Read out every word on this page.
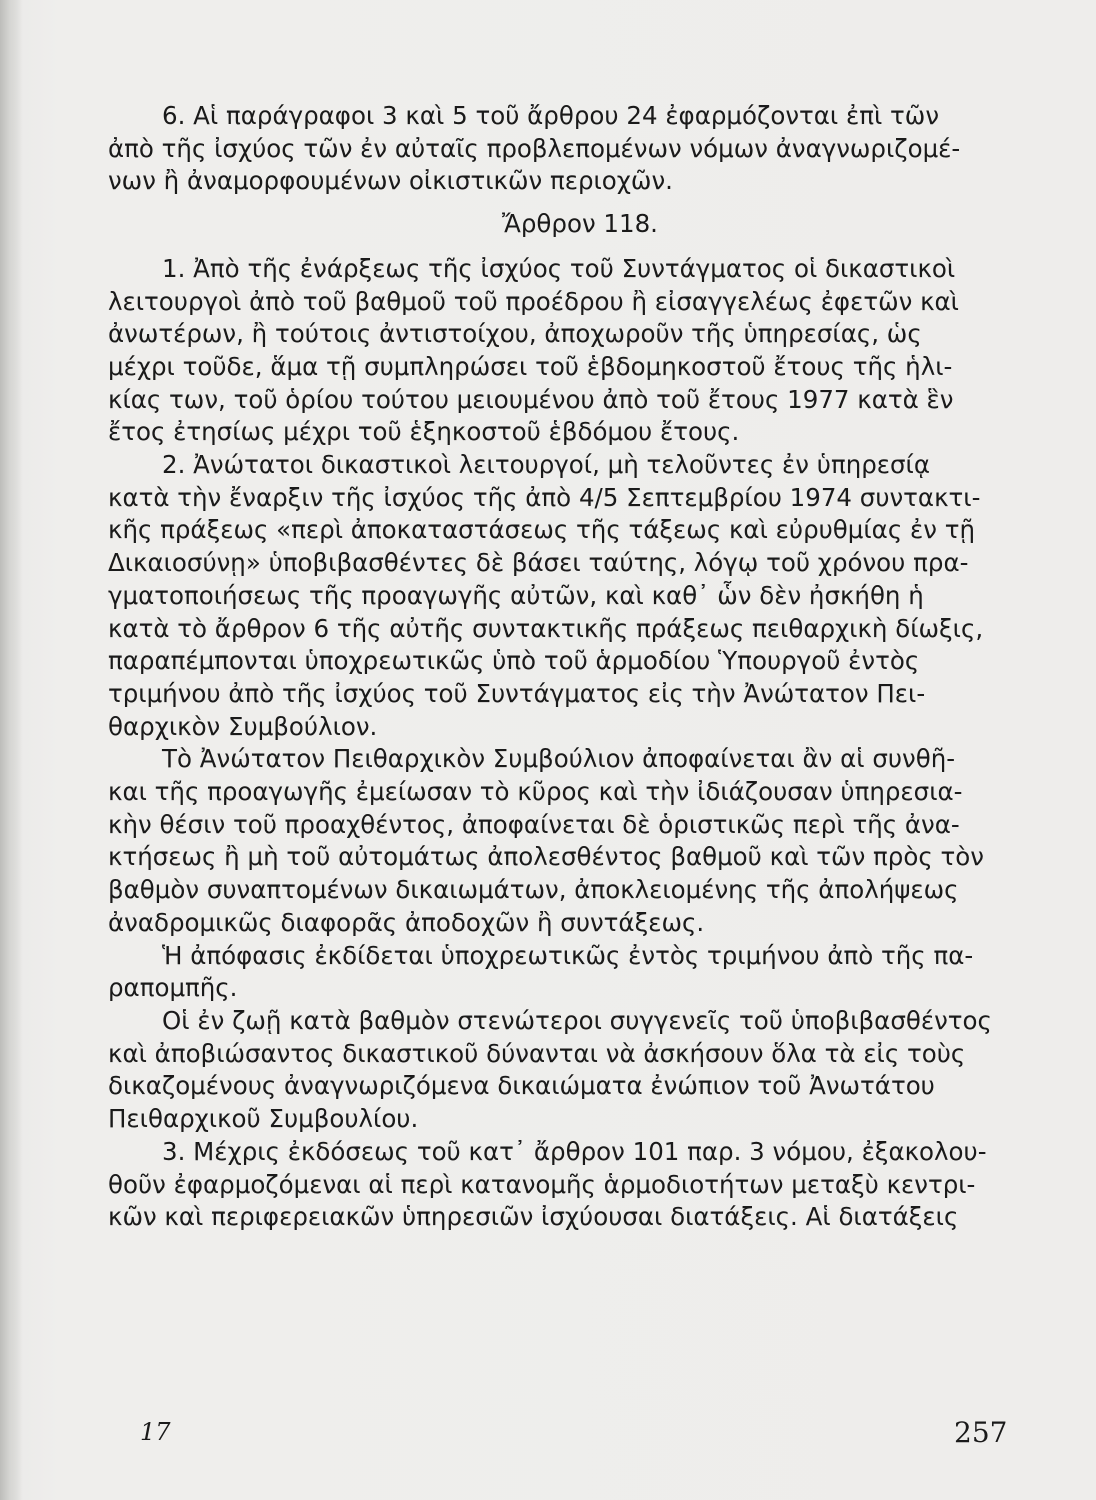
6. Αἱ παράγραφοι 3 καὶ 5 τοῦ ἄρθρου 24 ἐφαρμόζονται ἐπὶ τῶν
ἀπὸ τῆς ἰσχύος τῶν ἐν αὐταῖς προβλεπομένων νόμων ἀναγνωριζομέ-
νων ἢ ἀναμορφουμένων οἰκιστικῶν περιοχῶν.

Ἄρθρον 118.

1. Ἀπὸ τῆς ἐνάρξεως τῆς ἰσχύος τοῦ Συντάγματος οἱ δικαστικοὶ
λειτουργοὶ ἀπὸ τοῦ βαθμοῦ τοῦ προέδρου ἢ εἰσαγγελέως ἐφετῶν καὶ
ἀνωτέρων, ἢ τούτοις ἀντιστοίχου, ἀποχωροῦν τῆς ὑπηρεσίας, ὡς
μέχρι τοῦδε, ἅμα τῇ συμπληρώσει τοῦ ἑβδομηκοστοῦ ἔτους τῆς ἡλι-
κίας των, τοῦ ὁρίου τούτου μειουμένου ἀπὸ τοῦ ἔτους 1977 κατὰ ἓν
ἔτος ἐτησίως μέχρι τοῦ ἑξηκοστοῦ ἑβδόμου ἔτους.

2. Ἀνώτατοι δικαστικοὶ λειτουργοί, μὴ τελοῦντες ἐν ὑπηρεσίᾳ
κατὰ τὴν ἔναρξιν τῆς ἰσχύος τῆς ἀπὸ 4/5 Σεπτεμβρίου 1974 συντακτι-
κῆς πράξεως «περὶ ἀποκαταστάσεως τῆς τάξεως καὶ εὐρυθμίας ἐν τῇ
Δικαιοσύνῃ» ὑποβιβασθέντες δὲ βάσει ταύτης, λόγῳ τοῦ χρόνου πρα-
γματοποιήσεως τῆς προαγωγῆς αὐτῶν, καὶ καθ᾽ ὧν δὲν ἠσκήθη ἡ
κατὰ τὸ ἄρθρον 6 τῆς αὐτῆς συντακτικῆς πράξεως πειθαρχικὴ δίωξις,
παραπέμπονται ὑποχρεωτικῶς ὑπὸ τοῦ ἁρμοδίου Ὑπουργοῦ ἐντὸς
τριμήνου ἀπὸ τῆς ἰσχύος τοῦ Συντάγματος εἰς τὴν Ἀνώτατον Πει-
θαρχικὸν Συμβούλιον.

Τὸ Ἀνώτατον Πειθαρχικὸν Συμβούλιον ἀποφαίνεται ἂν αἱ συνθῆ-
και τῆς προαγωγῆς ἐμείωσαν τὸ κῦρος καὶ τὴν ἰδιάζουσαν ὑπηρεσια-
κὴν θέσιν τοῦ προαχθέντος, ἀποφαίνεται δὲ ὁριστικῶς περὶ τῆς ἀνα-
κτήσεως ἢ μὴ τοῦ αὐτομάτως ἀπολεσθέντος βαθμοῦ καὶ τῶν πρὸς τὸν
βαθμὸν συναπτομένων δικαιωμάτων, ἀποκλειομένης τῆς ἀπολήψεως
ἀναδρομικῶς διαφορᾶς ἀποδοχῶν ἢ συντάξεως.

Ἡ ἀπόφασις ἐκδίδεται ὑποχρεωτικῶς ἐντὸς τριμήνου ἀπὸ τῆς πα-
ραπομπῆς.

Οἱ ἐν ζωῇ κατὰ βαθμὸν στενώτεροι συγγενεῖς τοῦ ὑποβιβασθέντος
καὶ ἀποβιώσαντος δικαστικοῦ δύνανται νὰ ἀσκήσουν ὅλα τὰ εἰς τοὺς
δικαζομένους ἀναγνωριζόμενα δικαιώματα ἐνώπιον τοῦ Ἀνωτάτου
Πειθαρχικοῦ Συμβουλίου.

3. Μέχρις ἐκδόσεως τοῦ κατ᾽ ἄρθρον 101 παρ. 3 νόμου, ἐξακολου-
θοῦν ἐφαρμοζόμεναι αἱ περὶ κατανομῆς ἁρμοδιοτήτων μεταξὺ κεντρι-
κῶν καὶ περιφερειακῶν ὑπηρεσιῶν ἰσχύουσαι διατάξεις. Αἱ διατάξεις

17	257
